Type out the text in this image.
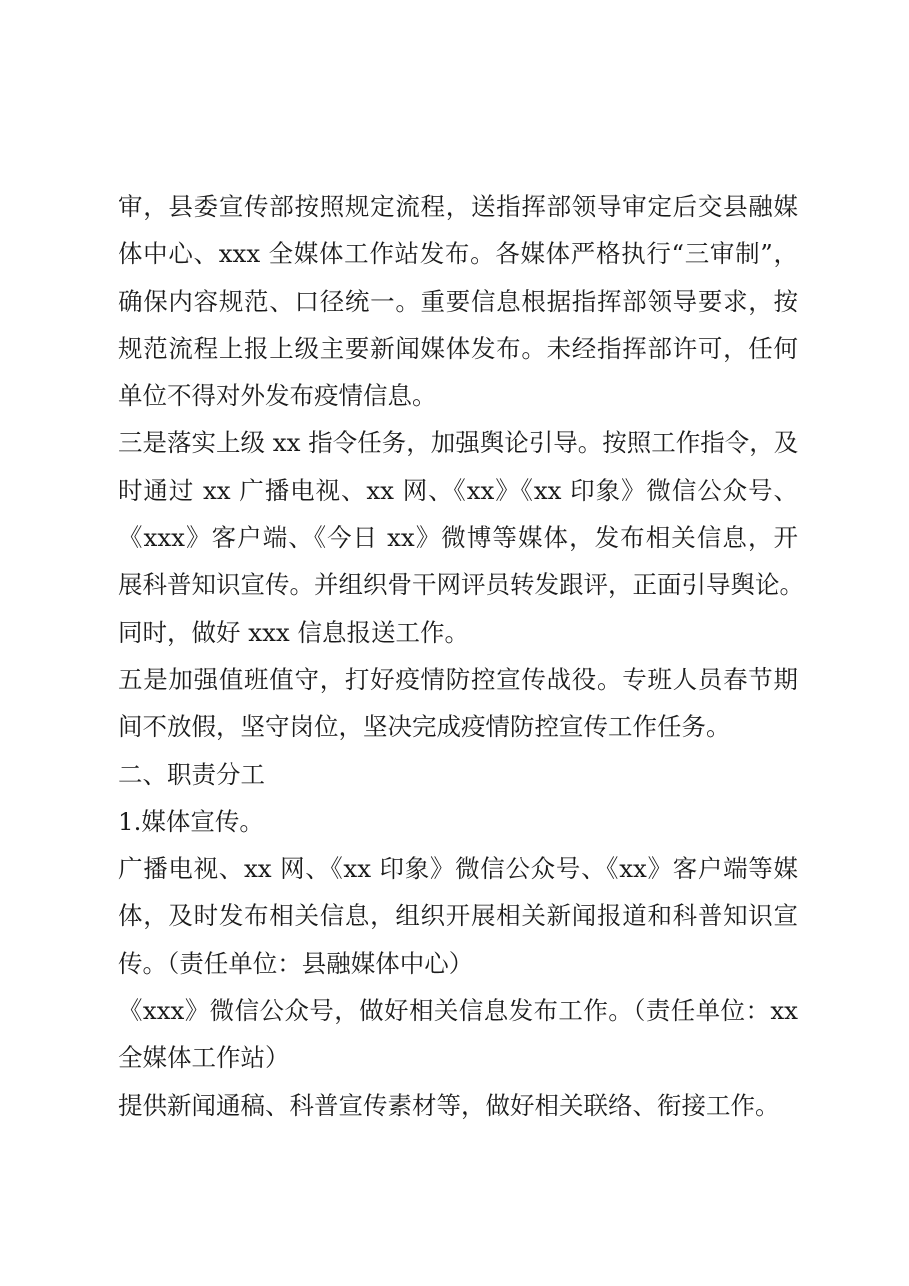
审，县委宣传部按照规定流程，送指挥部领导审定后交县融媒
体中心、xxx 全媒体工作站发布。各媒体严格执行“三审制”，
确保内容规范、口径统一。重要信息根据指挥部领导要求，按
规范流程上报上级主要新闻媒体发布。未经指挥部许可，任何
单位不得对外发布疫情信息。
三是落实上级 xx 指令任务，加强舆论引导。按照工作指令，及
时通过 xx 广播电视、xx 网、《xx》《xx 印象》微信公众号、
《xxx》客户端、《今日 xx》微博等媒体，发布相关信息，开
展科普知识宣传。并组织骨干网评员转发跟评，正面引导舆论。
同时，做好 xxx 信息报送工作。
五是加强值班值守，打好疫情防控宣传战役。专班人员春节期
间不放假，坚守岗位，坚决完成疫情防控宣传工作任务。
二、职责分工
1.媒体宣传。
广播电视、xx 网、《xx 印象》微信公众号、《xx》客户端等媒
体，及时发布相关信息，组织开展相关新闻报道和科普知识宣
传。（责任单位：县融媒体中心）
《xxx》微信公众号，做好相关信息发布工作。（责任单位：xx
全媒体工作站）
提供新闻通稿、科普宣传素材等，做好相关联络、衔接工作。
